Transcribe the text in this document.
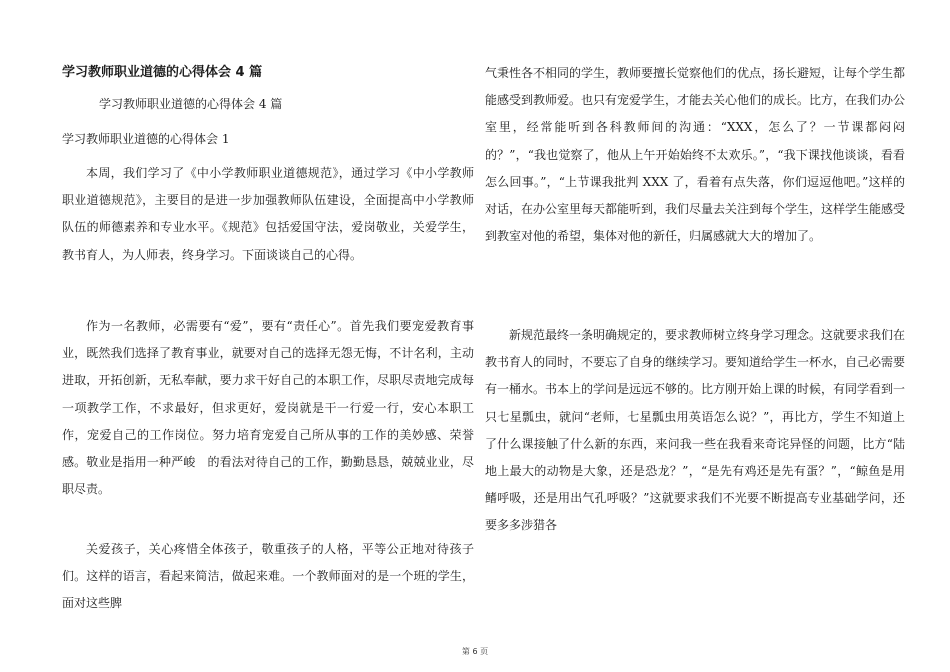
学习教师职业道德的心得体会 4 篇

学习教师职业道德的心得体会 4 篇

学习教师职业道德的心得体会 1

本周，我们学习了《中小学教师职业道德规范》，通过学习《中小学教师职业道德规范》，主要目的是进一步加强教师队伍建设，全面提高中小学教师队伍的师德素养和专业水平。《规范》包括爱国守法，爱岗敬业，关爱学生，教书育人，为人师表，终身学习。下面谈谈自己的心得。

作为一名教师，必需要有“爱”，要有“责任心”。首先我们要宠爱教育事业，既然我们选择了教育事业，就要对自己的选择无怨无悔，不计名利，主动进取，开拓创新，无私奉献，要力求干好自己的本职工作，尽职尽责地完成每一项教学工作，不求最好，但求更好，爱岗就是干一行爱一行，安心本职工作，宠爱自己的工作岗位。努力培育宠爱自己所从事的工作的美妙感、荣誉感。敬业是指用一种严峻　的看法对待自己的工作，勤勤恳恳，兢兢业业，尽职尽责。

关爱孩子，关心疼惜全体孩子，敬重孩子的人格，平等公正地对待孩子们。这样的语言，看起来简洁，做起来难。一个教师面对的是一个班的学生，面对这些脾

气秉性各不相同的学生，教师要擅长觉察他们的优点，扬长避短，让每个学生都能感受到教师爱。也只有宠爱学生，才能去关心他们的成长。比方，在我们办公室里，经常能听到各科教师间的沟通：“XXX，怎么了？一节课都闷闷的？”，“我也觉察了，他从上午开始始终不太欢乐。”，“我下课找他谈谈，看看怎么回事。”，“上节课我批判 XXX 了，看着有点失落，你们逗逗他吧。”这样的对话，在办公室里每天都能听到，我们尽量去关注到每个学生，这样学生能感受到教室对他的希望，集体对他的新任，归属感就大大的增加了。

新规范最终一条明确规定的，要求教师树立终身学习理念。这就要求我们在教书育人的同时，不要忘了自身的继续学习。要知道给学生一杯水，自己必需要有一桶水。书本上的学问是远远不够的。比方刚开始上课的时候，有同学看到一只七星瓢虫，就问“老师，七星瓢虫用英语怎么说？”，再比方，学生不知道上了什么课接触了什么新的东西，来问我一些在我看来奇诧异怪的问题，比方“陆地上最大的动物是大象，还是恐龙？”，“是先有鸡还是先有蛋？”，“鲸鱼是用鳍呼吸，还是用出气孔呼吸？”这就要求我们不光要不断提高专业基础学问，还要多多涉猎各

第 6 页
